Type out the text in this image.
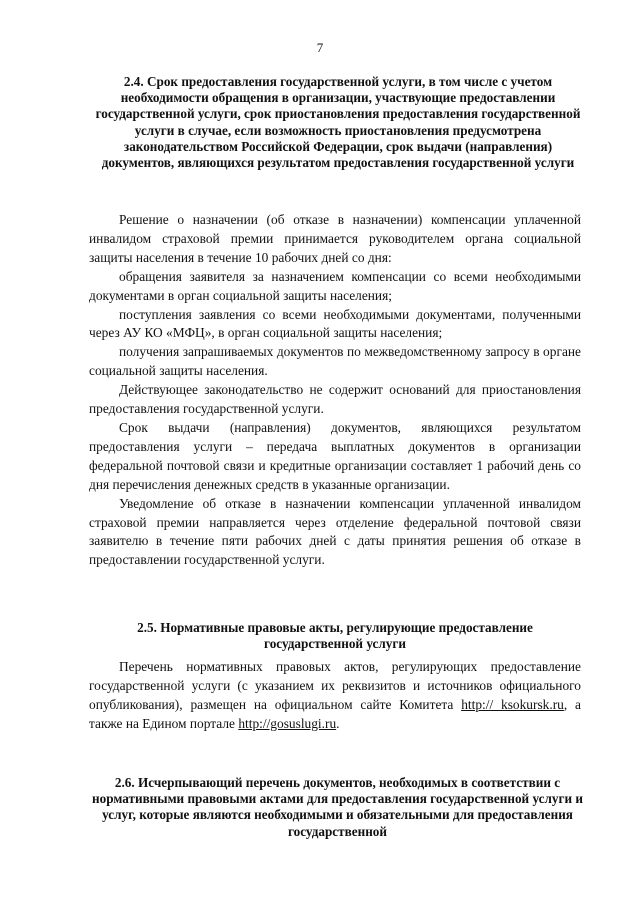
7
2.4. Срок предоставления государственной услуги, в том числе с учетом необходимости обращения в организации, участвующие предоставлении государственной услуги, срок приостановления предоставления государственной услуги в случае, если возможность приостановления предусмотрена законодательством Российской Федерации, срок выдачи (направления) документов, являющихся результатом предоставления государственной услуги

Решение о назначении (об отказе в назначении) компенсации уплаченной инвалидом страховой премии принимается руководителем органа социальной защиты населения в течение 10 рабочих дней со дня:

обращения заявителя за назначением компенсации со всеми необходимыми документами в орган социальной защиты населения;

поступления заявления со всеми необходимыми документами, полученными через АУ КО «МФЦ», в орган социальной защиты населения;

получения запрашиваемых документов по межведомственному запросу в органе социальной защиты населения.

Действующее законодательство не содержит оснований для приостановления предоставления государственной услуги.

Срок выдачи (направления) документов, являющихся результатом предоставления услуги – передача выплатных документов в организации федеральной почтовой связи и кредитные организации составляет 1 рабочий день со дня перечисления денежных средств в указанные организации.

Уведомление об отказе в назначении компенсации уплаченной инвалидом страховой премии направляется через отделение федеральной почтовой связи заявителю в течение пяти рабочих дней с даты принятия решения об отказе в предоставлении государственной услуги.

2.5. Нормативные правовые акты, регулирующие предоставление государственной услуги

Перечень нормативных правовых актов, регулирующих предоставление государственной услуги (с указанием их реквизитов и источников официального опубликования), размещен на официальном сайте Комитета http:// ksokursk.ru, а также на Едином портале http://gosuslugi.ru.

2.6. Исчерпывающий перечень документов, необходимых в соответствии с нормативными правовыми актами для предоставления государственной услуги и услуг, которые являются необходимыми и обязательными для предоставления государственной
